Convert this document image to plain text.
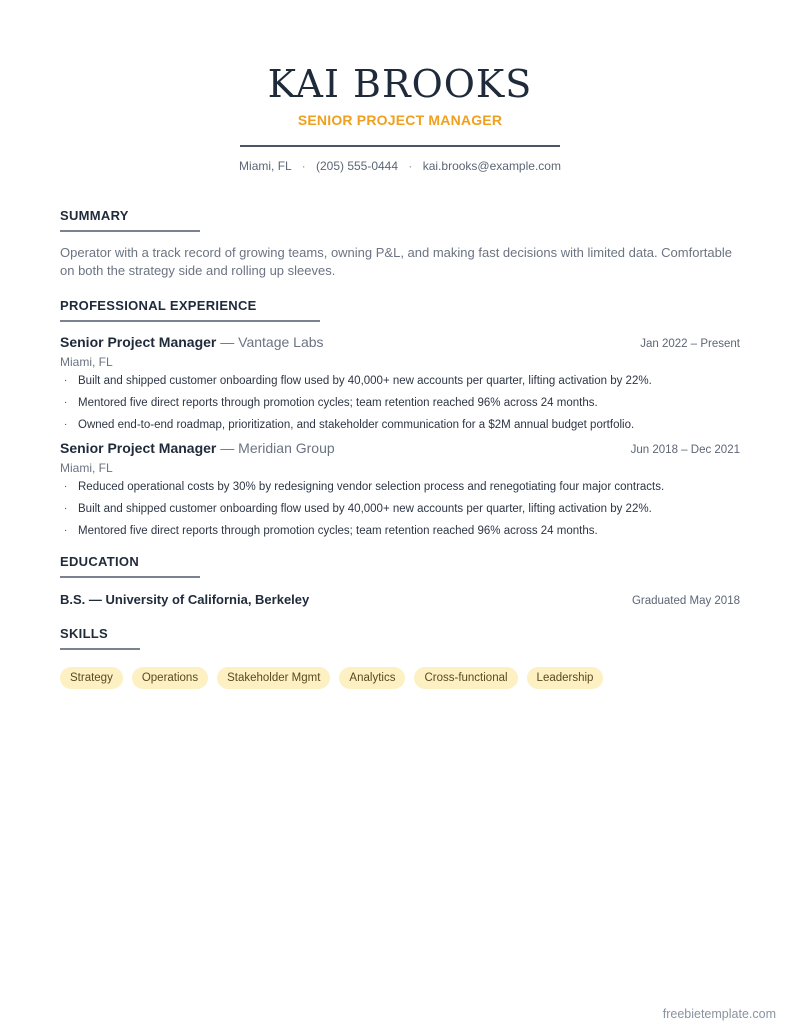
KAI BROOKS
SENIOR PROJECT MANAGER
Miami, FL · (205) 555-0444 · kai.brooks@example.com
SUMMARY
Operator with a track record of growing teams, owning P&L, and making fast decisions with limited data. Comfortable on both the strategy side and rolling up sleeves.
PROFESSIONAL EXPERIENCE
Senior Project Manager — Vantage Labs	Jan 2022 – Present
Miami, FL
· Built and shipped customer onboarding flow used by 40,000+ new accounts per quarter, lifting activation by 22%.
· Mentored five direct reports through promotion cycles; team retention reached 96% across 24 months.
· Owned end-to-end roadmap, prioritization, and stakeholder communication for a $2M annual budget portfolio.
Senior Project Manager — Meridian Group	Jun 2018 – Dec 2021
Miami, FL
· Reduced operational costs by 30% by redesigning vendor selection process and renegotiating four major contracts.
· Built and shipped customer onboarding flow used by 40,000+ new accounts per quarter, lifting activation by 22%.
· Mentored five direct reports through promotion cycles; team retention reached 96% across 24 months.
EDUCATION
B.S. — University of California, Berkeley	Graduated May 2018
SKILLS
Strategy	Operations	Stakeholder Mgmt	Analytics	Cross-functional	Leadership
freebietemplate.com
